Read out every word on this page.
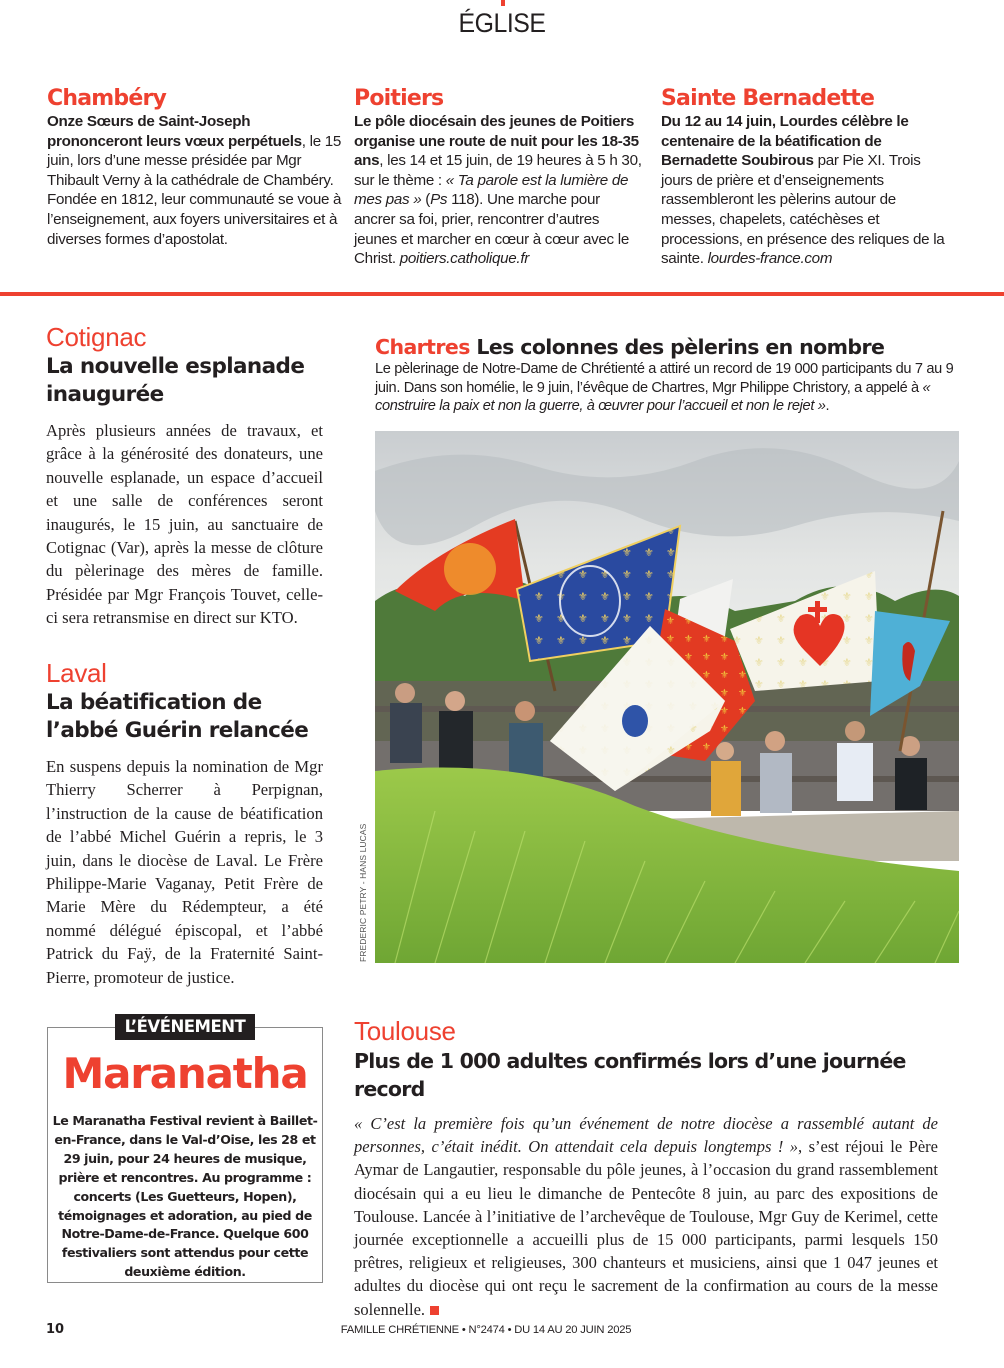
ÉGLISE
Chambéry
Onze Sœurs de Saint-Joseph prononceront leurs vœux perpétuels, le 15 juin, lors d’une messe présidée par Mgr Thibault Verny à la cathédrale de Chambéry. Fondée en 1812, leur communauté se voue à l’enseignement, aux foyers universitaires et à diverses formes d’apostolat.
Poitiers
Le pôle diocésain des jeunes de Poitiers organise une route de nuit pour les 18-35 ans, les 14 et 15 juin, de 19 heures à 5 h 30, sur le thème : « Ta parole est la lumière de mes pas » (Ps 118). Une marche pour ancrer sa foi, prier, rencontrer d’autres jeunes et marcher en cœur à cœur avec le Christ. poitiers.catholique.fr
Sainte Bernadette
Du 12 au 14 juin, Lourdes célèbre le centenaire de la béatification de Bernadette Soubirous par Pie XI. Trois jours de prière et d’enseignements rassembleront les pèlerins autour de messes, chapelets, catéchèses et processions, en présence des reliques de la sainte. lourdes-france.com
Cotignac
La nouvelle esplanade inaugurée
Après plusieurs années de travaux, et grâce à la générosité des donateurs, une nouvelle esplanade, un espace d’accueil et une salle de conférences seront inaugurés, le 15 juin, au sanctuaire de Cotignac (Var), après la messe de clôture du pèlerinage des mères de famille. Présidée par Mgr François Touvet, celle-ci sera retransmise en direct sur KTO.
Laval
La béatification de l’abbé Guérin relancée
En suspens depuis la nomination de Mgr Thierry Scherrer à Perpignan, l’instruction de la cause de béatification de l’abbé Michel Guérin a repris, le 3 juin, dans le diocèse de Laval. Le Frère Philippe-Marie Vaganay, Petit Frère de Marie Mère du Rédempteur, a été nommé délégué épiscopal, et l’abbé Patrick du Faÿ, de la Fraternité Saint-Pierre, promoteur de justice.
Chartres Les colonnes des pèlerins en nombre
Le pèlerinage de Notre-Dame de Chrétienté a attiré un record de 19 000 participants du 7 au 9 juin. Dans son homélie, le 9 juin, l’évêque de Chartres, Mgr Philippe Christory, a appelé à « construire la paix et non la guerre, à œuvrer pour l’accueil et non le rejet ».
FREDERIC PETRY - HANS LUCAS
L’ÉVÉNEMENT
Maranatha
Le Maranatha Festival revient à Baillet-en-France, dans le Val-d’Oise, les 28 et 29 juin, pour 24 heures de musique, prière et rencontres. Au programme : concerts (Les Guetteurs, Hopen), témoignages et adoration, au pied de Notre-Dame-de-France. Quelque 600 festivaliers sont attendus pour cette deuxième édition.
Toulouse
Plus de 1 000 adultes confirmés lors d’une journée record
« C’est la première fois qu’un événement de notre diocèse a rassemblé autant de personnes, c’était inédit. On attendait cela depuis longtemps ! », s’est réjoui le Père Aymar de Langautier, responsable du pôle jeunes, à l’occasion du grand rassemblement diocésain qui a eu lieu le dimanche de Pentecôte 8 juin, au parc des expositions de Toulouse. Lancée à l’initiative de l’archevêque de Toulouse, Mgr Guy de Kerimel, cette journée exceptionnelle a accueilli plus de 15 000 participants, parmi lesquels 150 prêtres, religieux et religieuses, 300 chanteurs et musiciens, ainsi que 1 047 jeunes et adultes du diocèse qui ont reçu le sacrement de la confirmation au cours de la messe solennelle.
10	FAMILLE CHRÉTIENNE • N°2474 • DU 14 AU 20 JUIN 2025
